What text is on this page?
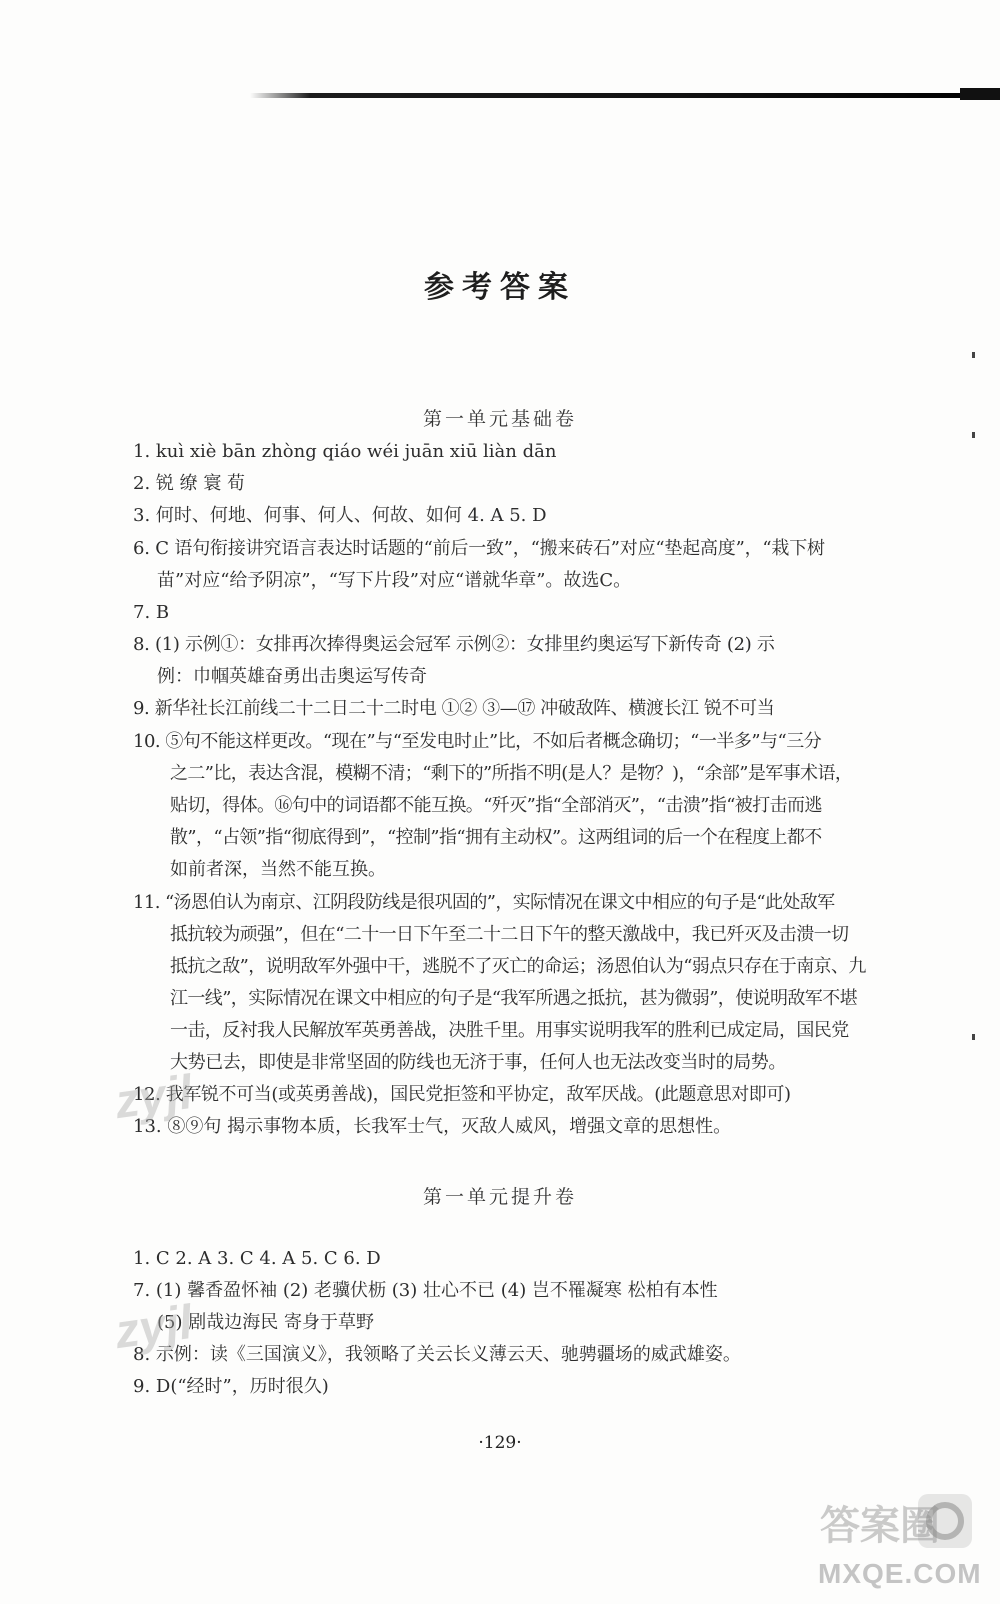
参考答案
第一单元基础卷
1. kuì xiè bān zhòng qiáo wéi juān xiū liàn dān
2. 锐 缭 寰 荀
3. 何时、何地、何事、何人、何故、如何 4. A 5. D
6. C 语句衔接讲究语言表达时话题的“前后一致”，“搬来砖石”对应“垫起高度”，“栽下树
苗”对应“给予阴凉”，“写下片段”对应“谱就华章”。故选C。
7. B
8. (1) 示例①：女排再次捧得奥运会冠军 示例②：女排里约奥运写下新传奇 (2) 示
例：巾帼英雄奋勇出击奥运写传奇
9. 新华社长江前线二十二日二十二时电 ①② ③—⑰ 冲破敌阵、横渡长江 锐不可当
10. ⑤句不能这样更改。“现在”与“至发电时止”比，不如后者概念确切；“一半多”与“三分
之二”比，表达含混，模糊不清；“剩下的”所指不明(是人？是物？)，“余部”是军事术语，
贴切，得体。⑯句中的词语都不能互换。“歼灭”指“全部消灭”，“击溃”指“被打击而逃
散”，“占领”指“彻底得到”，“控制”指“拥有主动权”。这两组词的后一个在程度上都不
如前者深，当然不能互换。
11. “汤恩伯认为南京、江阴段防线是很巩固的”，实际情况在课文中相应的句子是“此处敌军
抵抗较为顽强”，但在“二十一日下午至二十二日下午的整天激战中，我已歼灭及击溃一切
抵抗之敌”，说明敌军外强中干，逃脱不了灭亡的命运；汤恩伯认为“弱点只存在于南京、九
江一线”，实际情况在课文中相应的句子是“我军所遇之抵抗，甚为微弱”，使说明敌军不堪
一击，反衬我人民解放军英勇善战，决胜千里。用事实说明我军的胜利已成定局，国民党
大势已去，即使是非常坚固的防线也无济于事，任何人也无法改变当时的局势。
12. 我军锐不可当(或英勇善战)，国民党拒签和平协定，敌军厌战。(此题意思对即可)
13. ⑧⑨句 揭示事物本质，长我军士气，灭敌人威风，增强文章的思想性。
第一单元提升卷
1. C 2. A 3. C 4. A 5. C 6. D
7. (1) 馨香盈怀袖 (2) 老骥伏枥 (3) 壮心不已 (4) 岂不罹凝寒 松柏有本性
(5) 剧哉边海民 寄身于草野
8. 示例：读《三国演义》，我领略了关云长义薄云天、驰骋疆场的威武雄姿。
9. D(“经时”，历时很久)
·129·
zyjl
zyjl
答案圈
MXQE.COM
